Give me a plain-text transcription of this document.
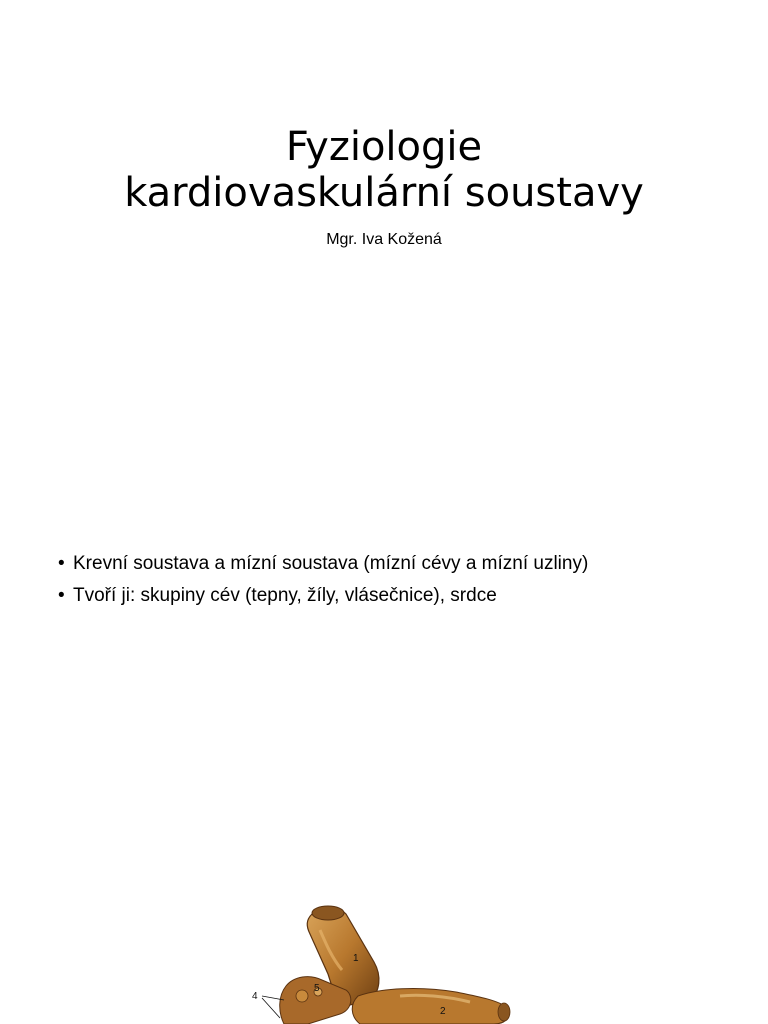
Fyziologie
kardiovaskulární soustavy
Mgr. Iva Kožená
• Krevní soustava a mízní soustava (mízní cévy a mízní uzliny)
• Tvoří ji: skupiny cév (tepny, žíly, vlásečnice), srdce
1
2
4
5
